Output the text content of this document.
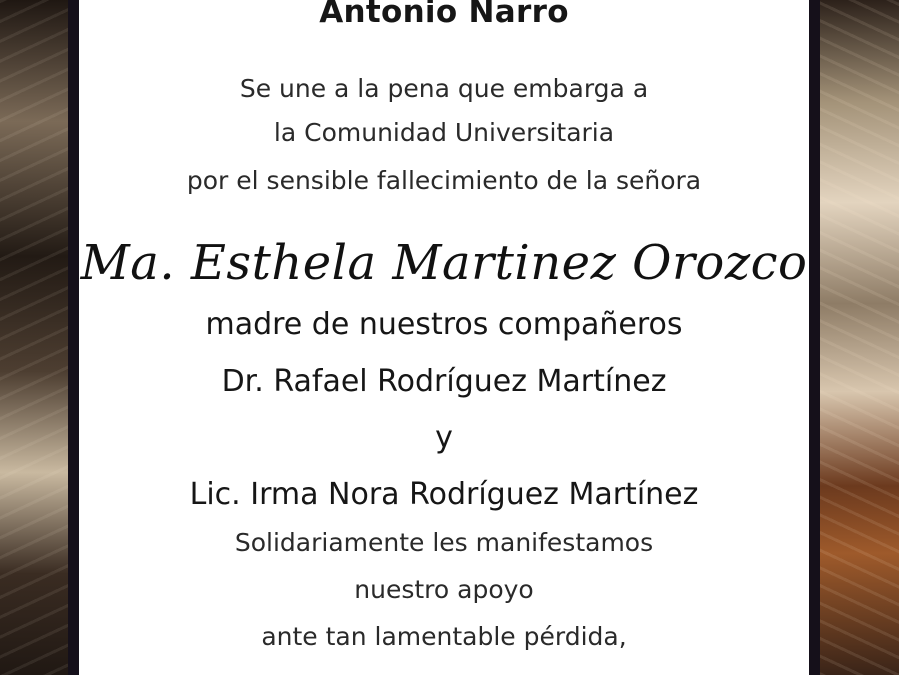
Antonio Narro
Se une a la pena que embarga a
la Comunidad Universitaria
por el sensible fallecimiento de la señora
Ma. Esthela Martinez Orozco
madre de nuestros compañeros
Dr. Rafael Rodríguez Martínez
y
Lic. Irma Nora Rodríguez Martínez
Solidariamente les manifestamos
nuestro apoyo
ante tan lamentable pérdida,
